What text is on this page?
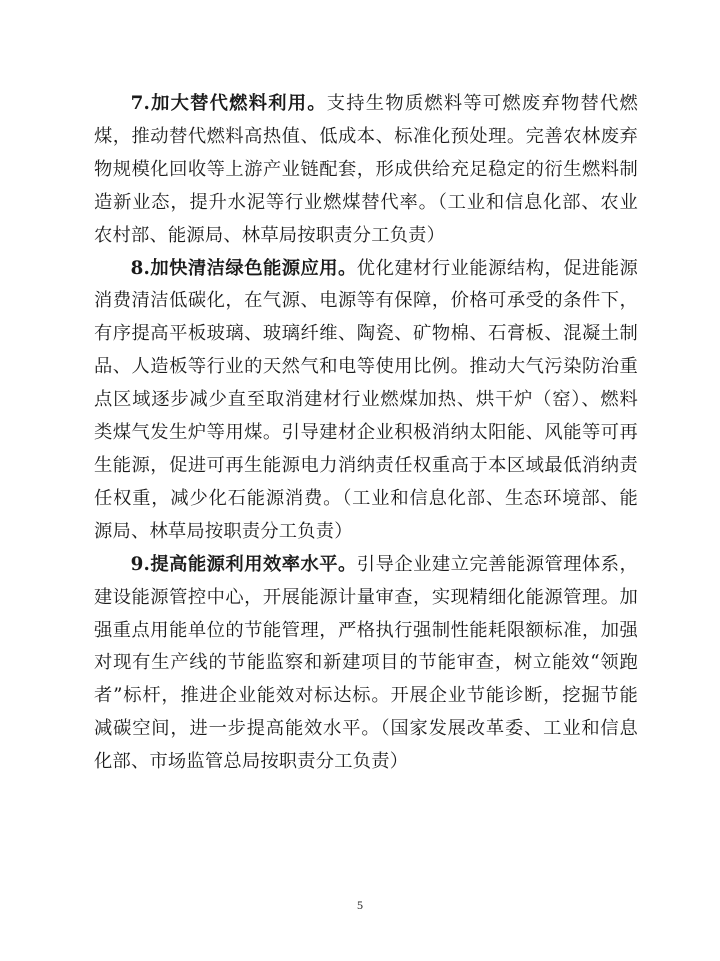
7.加大替代燃料利用。支持生物质燃料等可燃废弃物替代燃煤，推动替代燃料高热值、低成本、标准化预处理。完善农林废弃物规模化回收等上游产业链配套，形成供给充足稳定的衍生燃料制造新业态，提升水泥等行业燃煤替代率。（工业和信息化部、农业农村部、能源局、林草局按职责分工负责）

8.加快清洁绿色能源应用。优化建材行业能源结构，促进能源消费清洁低碳化，在气源、电源等有保障，价格可承受的条件下，有序提高平板玻璃、玻璃纤维、陶瓷、矿物棉、石膏板、混凝土制品、人造板等行业的天然气和电等使用比例。推动大气污染防治重点区域逐步减少直至取消建材行业燃煤加热、烘干炉（窑）、燃料类煤气发生炉等用煤。引导建材企业积极消纳太阳能、风能等可再生能源，促进可再生能源电力消纳责任权重高于本区域最低消纳责任权重，减少化石能源消费。（工业和信息化部、生态环境部、能源局、林草局按职责分工负责）

9.提高能源利用效率水平。引导企业建立完善能源管理体系，建设能源管控中心，开展能源计量审查，实现精细化能源管理。加强重点用能单位的节能管理，严格执行强制性能耗限额标准，加强对现有生产线的节能监察和新建项目的节能审查，树立能效“领跑者”标杆，推进企业能效对标达标。开展企业节能诊断，挖掘节能减碳空间，进一步提高能效水平。（国家发展改革委、工业和信息化部、市场监管总局按职责分工负责）

5
